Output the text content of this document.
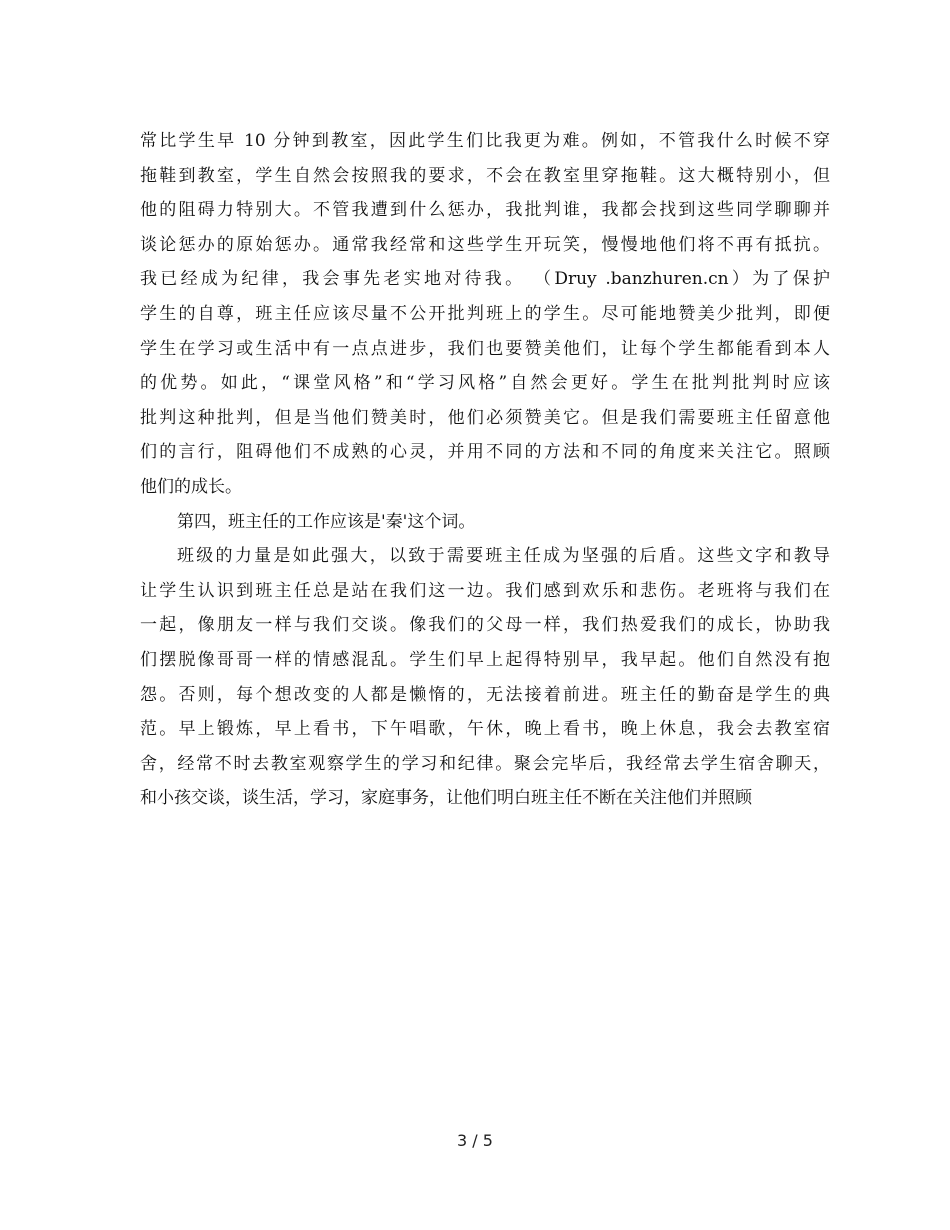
常比学生早 10 分钟到教室，因此学生们比我更为难。例如，不管我什么时候不穿
拖鞋到教室，学生自然会按照我的要求，不会在教室里穿拖鞋。这大概特别小，但
他的阻碍力特别大。不管我遭到什么惩办，我批判谁，我都会找到这些同学聊聊并
谈论惩办的原始惩办。通常我经常和这些学生开玩笑，慢慢地他们将不再有抵抗。
我已经成为纪律，我会事先老实地对待我。 （Druy .banzhuren.cn）为了保护
学生的自尊，班主任应该尽量不公开批判班上的学生。尽可能地赞美少批判，即便
学生在学习或生活中有一点点进步，我们也要赞美他们，让每个学生都能看到本人
的优势。如此，“课堂风格”和“学习风格”自然会更好。学生在批判批判时应该
批判这种批判，但是当他们赞美时，他们必须赞美它。但是我们需要班主任留意他
们的言行，阻碍他们不成熟的心灵，并用不同的方法和不同的角度来关注它。照顾
他们的成长。
第四，班主任的工作应该是'秦'这个词。
班级的力量是如此强大，以致于需要班主任成为坚强的后盾。这些文字和教导
让学生认识到班主任总是站在我们这一边。我们感到欢乐和悲伤。老班将与我们在
一起，像朋友一样与我们交谈。像我们的父母一样，我们热爱我们的成长，协助我
们摆脱像哥哥一样的情感混乱。学生们早上起得特别早，我早起。他们自然没有抱
怨。否则，每个想改变的人都是懒惰的，无法接着前进。班主任的勤奋是学生的典
范。早上锻炼，早上看书，下午唱歌，午休，晚上看书，晚上休息，我会去教室宿
舍，经常不时去教室观察学生的学习和纪律。聚会完毕后，我经常去学生宿舍聊天，
和小孩交谈，谈生活，学习，家庭事务，让他们明白班主任不断在关注他们并照顾
3 / 5
